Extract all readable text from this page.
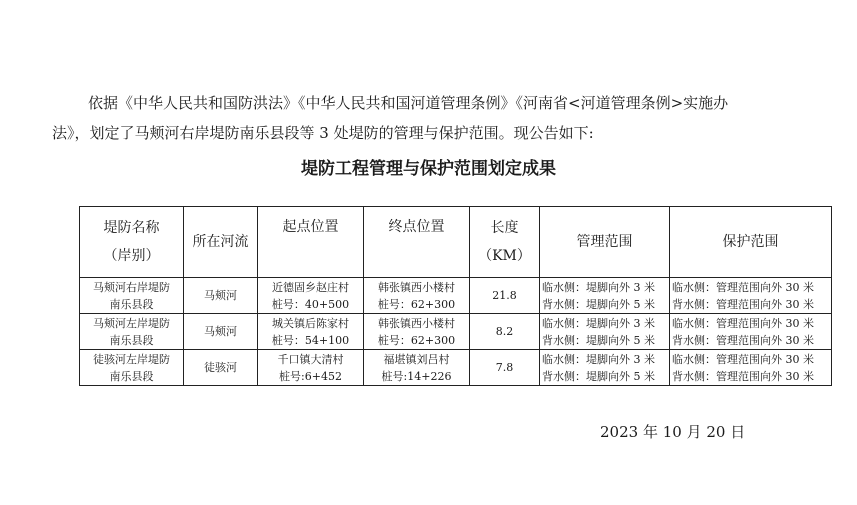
依据《中华人民共和国防洪法》《中华人民共和国河道管理条例》《河南省<河道管理条例>实施办

法》，划定了马颊河右岸堤防南乐县段等 3 处堤防的管理与保护范围。现公告如下:

堤防工程管理与保护范围划定成果
堤防名称
（岸别）	所在河流	起点位置	终点位置	长度
（KM）	管理范围	保护范围

马颊河右岸堤防
南乐县段	马颊河	近德固乡赵庄村
桩号：40+500	韩张镇西小楼村
桩号：62+300	21.8	临水侧：堤脚向外 3 米
背水侧：堤脚向外 5 米	临水侧：管理范围向外 30 米
背水侧：管理范围向外 30 米

马颊河左岸堤防
南乐县段	马颊河	城关镇后陈家村
桩号：54+100	韩张镇西小楼村
桩号：62+300	8.2	临水侧：堤脚向外 3 米
背水侧：堤脚向外 5 米	临水侧：管理范围向外 30 米
背水侧：管理范围向外 30 米

徒骇河左岸堤防
南乐县段	徒骇河	千口镇大清村
桩号:6+452	福堪镇刘吕村
桩号:14+226	7.8	临水侧：堤脚向外 3 米
背水侧：堤脚向外 5 米	临水侧：管理范围向外 30 米
背水侧：管理范围向外 30 米

2023 年 10 月 20 日
